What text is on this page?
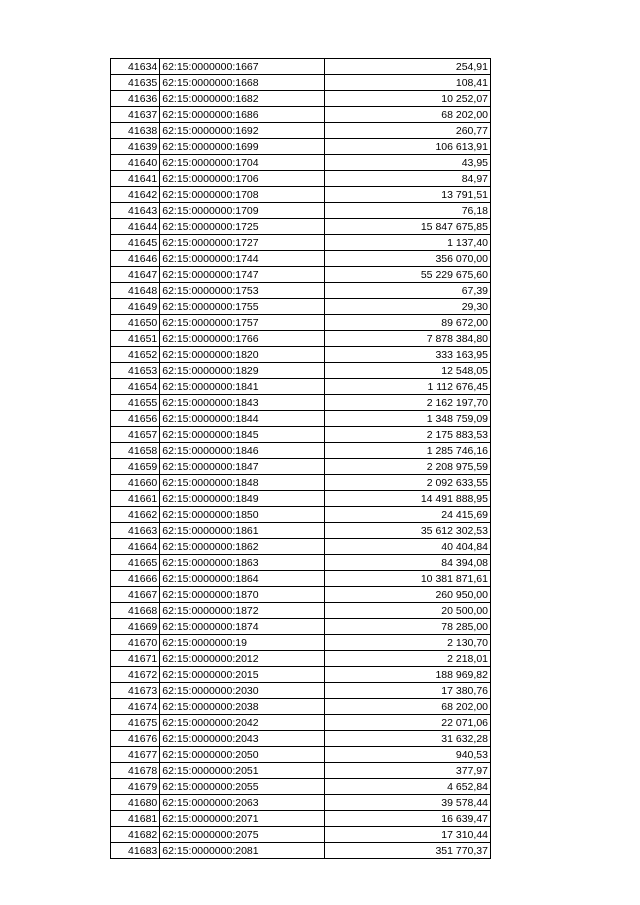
41634	62:15:0000000:1667	254,91
41635	62:15:0000000:1668	108,41
41636	62:15:0000000:1682	10 252,07
41637	62:15:0000000:1686	68 202,00
41638	62:15:0000000:1692	260,77
41639	62:15:0000000:1699	106 613,91
41640	62:15:0000000:1704	43,95
41641	62:15:0000000:1706	84,97
41642	62:15:0000000:1708	13 791,51
41643	62:15:0000000:1709	76,18
41644	62:15:0000000:1725	15 847 675,85
41645	62:15:0000000:1727	1 137,40
41646	62:15:0000000:1744	356 070,00
41647	62:15:0000000:1747	55 229 675,60
41648	62:15:0000000:1753	67,39
41649	62:15:0000000:1755	29,30
41650	62:15:0000000:1757	89 672,00
41651	62:15:0000000:1766	7 878 384,80
41652	62:15:0000000:1820	333 163,95
41653	62:15:0000000:1829	12 548,05
41654	62:15:0000000:1841	1 112 676,45
41655	62:15:0000000:1843	2 162 197,70
41656	62:15:0000000:1844	1 348 759,09
41657	62:15:0000000:1845	2 175 883,53
41658	62:15:0000000:1846	1 285 746,16
41659	62:15:0000000:1847	2 208 975,59
41660	62:15:0000000:1848	2 092 633,55
41661	62:15:0000000:1849	14 491 888,95
41662	62:15:0000000:1850	24 415,69
41663	62:15:0000000:1861	35 612 302,53
41664	62:15:0000000:1862	40 404,84
41665	62:15:0000000:1863	84 394,08
41666	62:15:0000000:1864	10 381 871,61
41667	62:15:0000000:1870	260 950,00
41668	62:15:0000000:1872	20 500,00
41669	62:15:0000000:1874	78 285,00
41670	62:15:0000000:19	2 130,70
41671	62:15:0000000:2012	2 218,01
41672	62:15:0000000:2015	188 969,82
41673	62:15:0000000:2030	17 380,76
41674	62:15:0000000:2038	68 202,00
41675	62:15:0000000:2042	22 071,06
41676	62:15:0000000:2043	31 632,28
41677	62:15:0000000:2050	940,53
41678	62:15:0000000:2051	377,97
41679	62:15:0000000:2055	4 652,84
41680	62:15:0000000:2063	39 578,44
41681	62:15:0000000:2071	16 639,47
41682	62:15:0000000:2075	17 310,44
41683	62:15:0000000:2081	351 770,37
